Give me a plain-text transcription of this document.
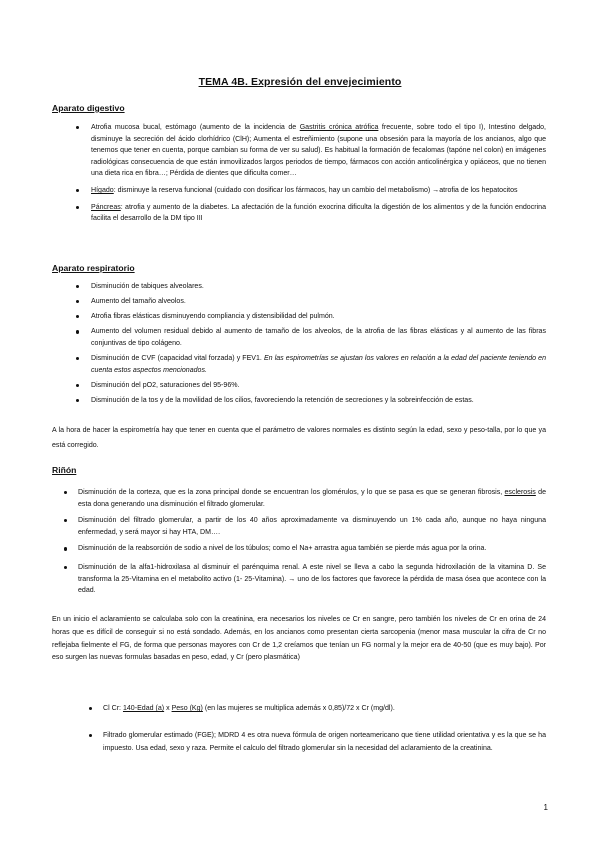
TEMA 4B. Expresión del envejecimiento
Aparato digestivo
Atrofia mucosa bucal, estómago (aumento de la incidencia de Gastritis crónica atrófica frecuente, sobre todo el tipo I), Intestino delgado, disminuye la secreción del ácido clorhídrico (ClH); Aumenta el estreñimiento (supone una obsesión para la mayoría de los ancianos, algo que tenemos que tener en cuenta, porque cambian su forma de ver su salud). Es habitual la formación de fecalomas (tapóne nel colon) en imágenes radiológicas consecuencia de que están inmovilizados largos periodos de tiempo, fármacos con acción anticolinérgica y opiáceos, que no tienen una dieta rica en fibra…; Pérdida de dientes que dificulta comer…
Hígado: disminuye la reserva funcional (cuidado con dosificar los fármacos, hay un cambio del metabolismo) →atrofia de los hepatocitos
Páncreas: atrofia y aumento de la diabetes. La afectación de la función exocrina dificulta la digestión de los alimentos y de la función endocrina facilita el desarrollo de la DM tipo III
Aparato respiratorio
Disminución de tabiques alveolares.
Aumento del tamaño alveolos.
Atrofia fibras elásticas disminuyendo compliancia y distensibilidad del pulmón.
Aumento del volumen residual debido al aumento de tamaño de los alveolos, de la atrofia de las fibras elásticas y al aumento de las fibras conjuntivas de tipo colágeno.
Disminución de CVF (capacidad vital forzada) y FEV1. En las espirometrías se ajustan los valores en relación a la edad del paciente teniendo en cuenta estos aspectos mencionados.
Disminución del pO2, saturaciones del 95-96%.
Disminución de la tos y de la movilidad de los cilios, favoreciendo la retención de secreciones y la sobreinfección de estas.
A la hora de hacer la espirometría hay que tener en cuenta que el parámetro de valores normales es distinto según la edad, sexo y peso-talla, por lo que ya está corregido.
Riñón
Disminución de la corteza, que es la zona principal donde se encuentran los glomérulos, y lo que se pasa es que se generan fibrosis, esclerosis de esta dona generando una disminución el filtrado glomerular.
Disminución del filtrado glomerular, a partir de los 40 años aproximadamente va disminuyendo un 1% cada año, aunque no haya ninguna enfermedad, y será mayor si hay HTA, DM….
Disminución de la reabsorción de sodio a nivel de los túbulos; como el Na+ arrastra agua también se pierde más agua por la orina.
Disminución de la alfa1-hidroxilasa al disminuir el parénquima renal. A este nivel se lleva a cabo la segunda hidroxilación de la vitamina D. Se transforma la 25-Vitamina en el metabolito activo (1- 25-Vitamina). → uno de los factores que favorece la pérdida de masa ósea que acontece con la edad.
En un inicio el aclaramiento se calculaba solo con la creatinina, era necesarios los niveles ce Cr en sangre, pero también los niveles de Cr en orina de 24 horas que es difícil de conseguir si no está sondado. Además, en los ancianos como presentan cierta sarcopenia (menor masa muscular la cifra de Cr no reflejaba fielmente el FG, de forma que personas mayores con Cr de 1,2 creíamos que tenían un FG normal y la mejor era de 40-50 (que es muy bajo). Por eso surgen las nuevas formulas basadas en peso, edad, y Cr (pero plasmática)
Cl Cr: 140-Edad (a) x Peso (Kg) (en las mujeres se multiplica además x 0,85)/72 x Cr (mg/dl).
Filtrado glomerular estimado (FGE); MDRD 4 es otra nueva fórmula de origen norteamericano que tiene utilidad orientativa y es la que se ha impuesto. Usa edad, sexo y raza. Permite el calculo del filtrado glomerular sin la necesidad del aclaramiento de la creatinina.
1
